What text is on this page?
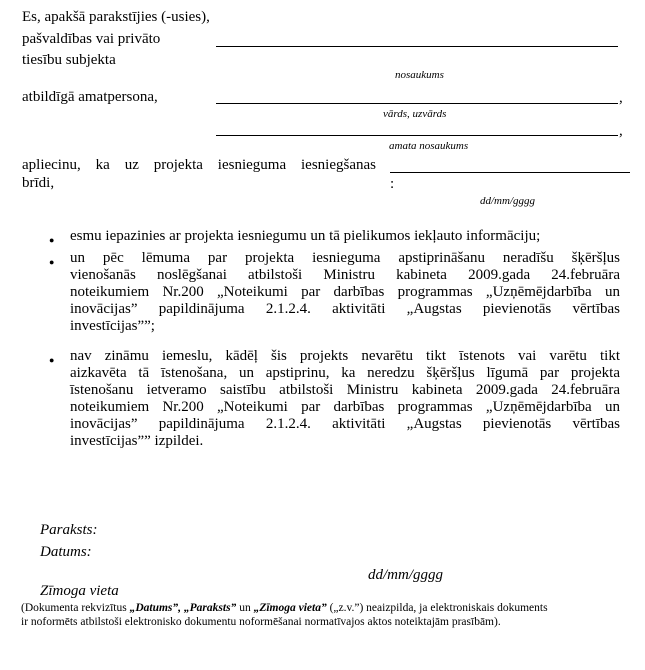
Es, apakšā parakstījies (-usies),
pašvaldības vai privāto
tiesību subjekta
nosaukums
atbildīgā amatpersona,	,
vārds, uzvārds
,
amata nosaukums
apliecinu, ka uz projekta iesnieguma iesniegšanas
brīdi,	:
dd/mm/gggg
● esmu iepazinies ar projekta iesniegumu un tā pielikumos iekļauto informāciju;
● un pēc lēmuma par projekta iesnieguma apstiprināšanu neradīšu šķēršļus
vienošanās noslēgšanai atbilstoši Ministru kabineta 2009.gada 24.februāra
noteikumiem Nr.200 „Noteikumi par darbības programmas „Uzņēmējdarbība un
inovācijas” papildinājuma 2.1.2.4. aktivitāti „Augstas pievienotās vērtības
investīcijas””;
● nav zināmu iemeslu, kādēļ šis projekts nevarētu tikt īstenots vai varētu tikt
aizkavēta tā īstenošana, un apstiprinu, ka neredzu šķēršļus līgumā par projekta
īstenošanu ietveramo saistību atbilstoši Ministru kabineta 2009.gada 24.februāra
noteikumiem Nr.200 „Noteikumi par darbības programmas „Uzņēmējdarbība un
inovācijas” papildinājuma 2.1.2.4. aktivitāti „Augstas pievienotās vērtības
investīcijas”” izpildei.
Paraksts:
Datums:
dd/mm/gggg
Zīmoga vieta
(Dokumenta rekvizītus „Datums”, „Paraksts” un „Zīmoga vieta” („z.v.”) neaizpilda, ja elektroniskais dokuments
ir noformēts atbilstoši elektronisko dokumentu noformēšanai normatīvajos aktos noteiktajām prasībām).
